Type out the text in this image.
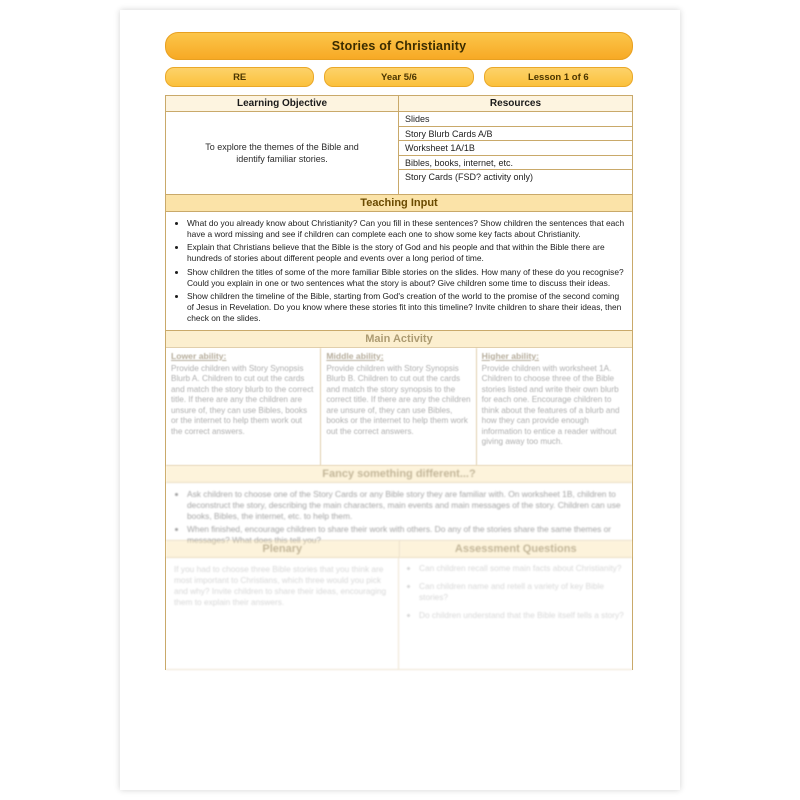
Stories of Christianity
RE	Year 5/6	Lesson 1 of 6
Learning Objective	Resources
To explore the themes of the Bible and identify familiar stories.
Slides
Story Blurb Cards A/B
Worksheet 1A/1B
Bibles, books, internet, etc.
Story Cards (FSD? activity only)
Teaching Input
• What do you already know about Christianity? Can you fill in these sentences? Show children the sentences that each have a word missing and see if children can complete each one to show some key facts about Christianity.
• Explain that Christians believe that the Bible is the story of God and his people and that within the Bible there are hundreds of stories about different people and events over a long period of time.
• Show children the titles of some of the more familiar Bible stories on the slides. How many of these do you recognise? Could you explain in one or two sentences what the story is about? Give children some time to discuss their ideas.
• Show children the timeline of the Bible, starting from God's creation of the world to the promise of the second coming of Jesus in Revelation. Do you know where these stories fit into this timeline? Invite children to share their ideas, then check on the slides.
Main Activity
Lower ability:
Provide children with Story Synopsis Blurb A. Children to cut out the cards and match the story blurb to the correct title. If there are any the children are unsure of, they can use Bibles, books or the internet to help them work out the correct answers.
Middle ability:
Provide children with Story Synopsis Blurb B. Children to cut out the cards and match the story synopsis to the correct title. If there are any the children are unsure of, they can use Bibles, books or the internet to help them work out the correct answers.
Higher ability:
Provide children with worksheet 1A. Children to choose three of the Bible stories listed and write their own blurb for each one. Encourage children to think about the features of a blurb and how they can provide enough information to entice a reader without giving away too much.
Fancy something different...?
• Ask children to choose one of the Story Cards or any Bible story they are familiar with. On worksheet 1B, children to deconstruct the story, describing the main characters, main events and main messages of the story. Children can use books, Bibles, the internet, etc. to help them.
• When finished, encourage children to share their work with others. Do any of the stories share the same themes or messages? What does this tell you?
Plenary	Assessment Questions
If you had to choose three Bible stories that you think are most important to Christians, which three would you pick and why? Invite children to share their ideas, encouraging them to explain their answers.
• Can children recall some main facts about Christianity?
• Can children name and retell a variety of key Bible stories?
• Do children understand that the Bible itself tells a story?
